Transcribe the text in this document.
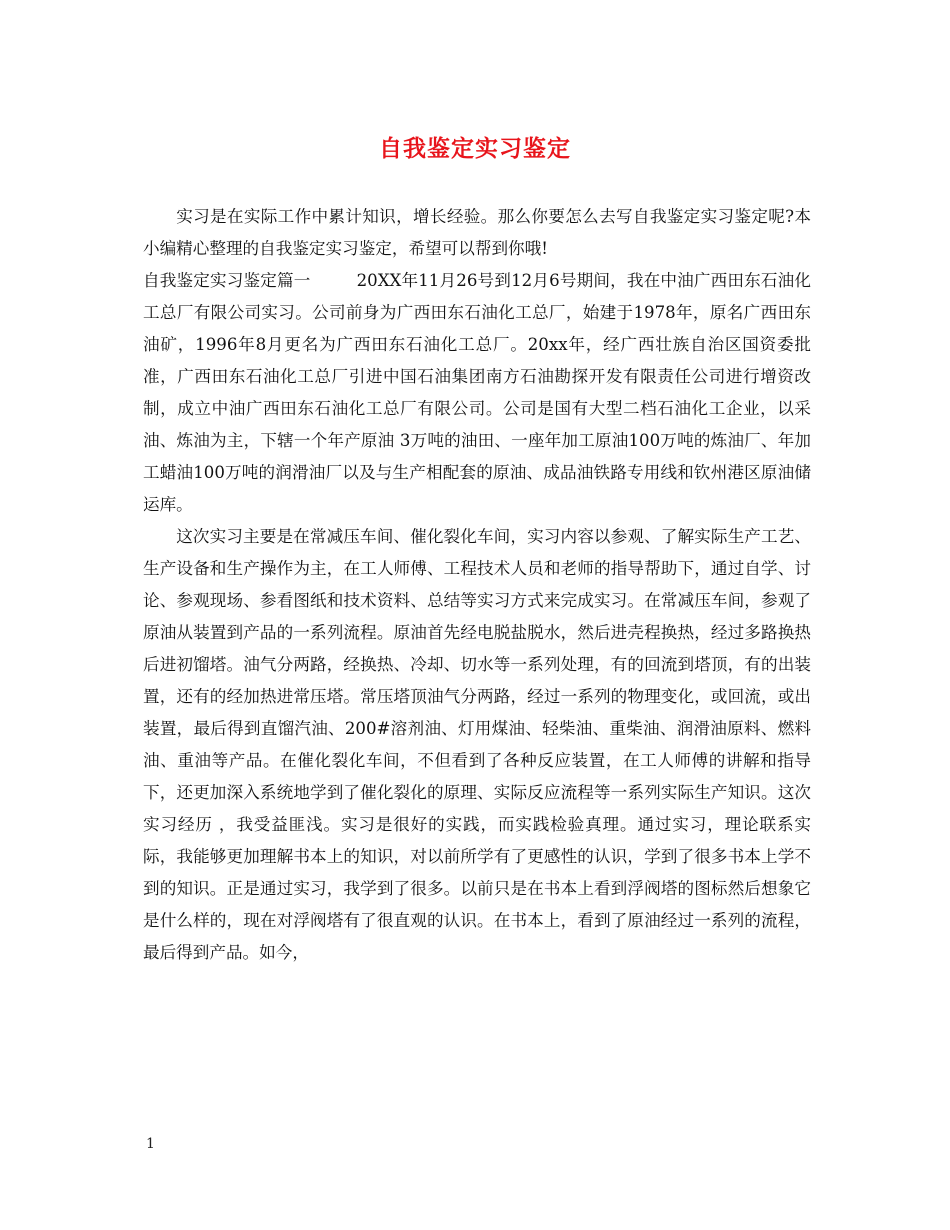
自我鉴定实习鉴定

实习是在实际工作中累计知识，增长经验。那么你要怎么去写自我鉴定实习鉴定呢?本小编精心整理的自我鉴定实习鉴定，希望可以帮到你哦!

自我鉴定实习鉴定篇一	20XX年11月26号到12月6号期间，我在中油广西田东石油化工总厂有限公司实习。公司前身为广西田东石油化工总厂，始建于1978年，原名广西田东油矿，1996年8月更名为广西田东石油化工总厂。20xx年，经广西壮族自治区国资委批准，广西田东石油化工总厂引进中国石油集团南方石油勘探开发有限责任公司进行增资改制，成立中油广西田东石油化工总厂有限公司。公司是国有大型二档石油化工企业，以采油、炼油为主，下辖一个年产原油 3万吨的油田、一座年加工原油100万吨的炼油厂、年加工蜡油100万吨的润滑油厂以及与生产相配套的原油、成品油铁路专用线和钦州港区原油储运库。

这次实习主要是在常减压车间、催化裂化车间，实习内容以参观、了解实际生产工艺、生产设备和生产操作为主，在工人师傅、工程技术人员和老师的指导帮助下，通过自学、讨论、参观现场、参看图纸和技术资料、总结等实习方式来完成实习。在常减压车间，参观了原油从装置到产品的一系列流程。原油首先经电脱盐脱水，然后进壳程换热，经过多路换热后进初馏塔。油气分两路，经换热、冷却、切水等一系列处理，有的回流到塔顶，有的出装置，还有的经加热进常压塔。常压塔顶油气分两路，经过一系列的物理变化，或回流，或出装置，最后得到直馏汽油、200#溶剂油、灯用煤油、轻柴油、重柴油、润滑油原料、燃料油、重油等产品。在催化裂化车间，不但看到了各种反应装置，在工人师傅的讲解和指导下，还更加深入系统地学到了催化裂化的原理、实际反应流程等一系列实际生产知识。这次实习经历 ，我受益匪浅。实习是很好的实践，而实践检验真理。通过实习，理论联系实际，我能够更加理解书本上的知识，对以前所学有了更感性的认识，学到了很多书本上学不到的知识。正是通过实习，我学到了很多。以前只是在书本上看到浮阀塔的图标然后想象它是什么样的，现在对浮阀塔有了很直观的认识。在书本上，看到了原油经过一系列的流程，最后得到产品。如今，

1
